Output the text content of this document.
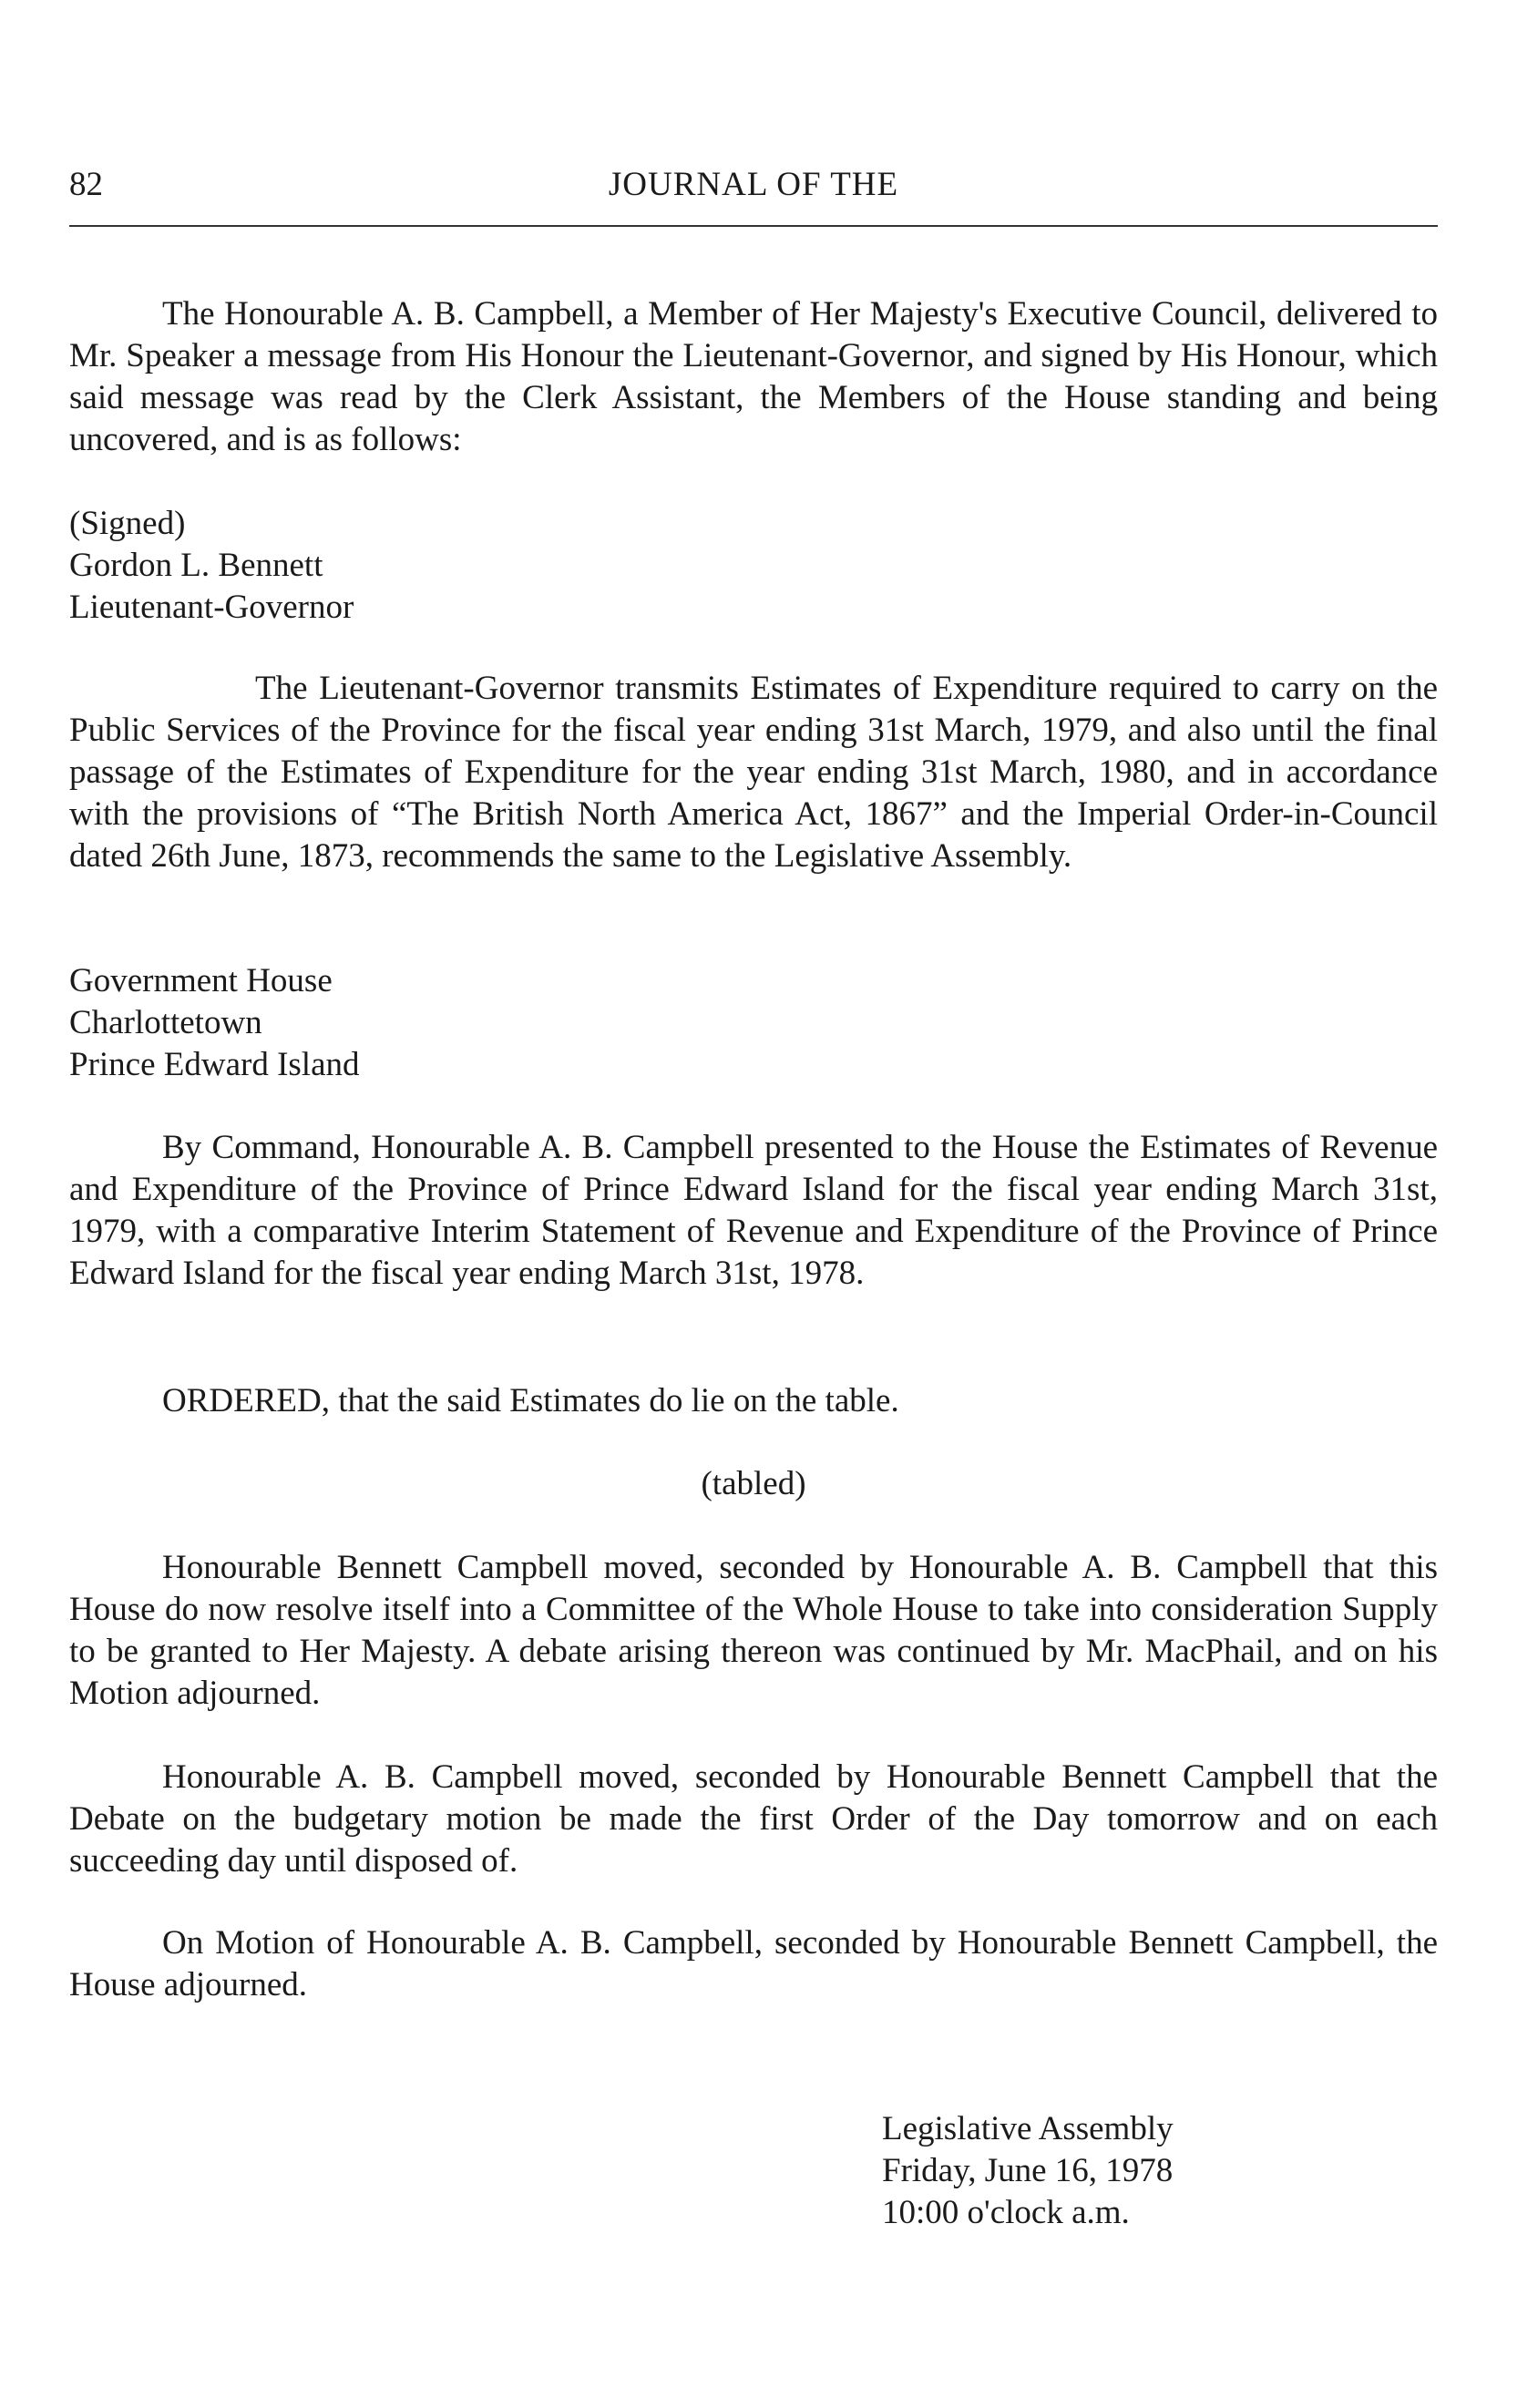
82	JOURNAL OF THE

The Honourable A. B. Campbell, a Member of Her Majesty's Executive Council, delivered to Mr. Speaker a message from His Honour the Lieutenant-Governor, and signed by His Honour, which said message was read by the Clerk Assistant, the Members of the House standing and being uncovered, and is as follows:

(Signed)
Gordon L. Bennett
Lieutenant-Governor

The Lieutenant-Governor transmits Estimates of Expenditure required to carry on the Public Services of the Province for the fiscal year ending 31st March, 1979, and also until the final passage of the Estimates of Expenditure for the year ending 31st March, 1980, and in accordance with the provisions of “The British North America Act, 1867” and the Imperial Order-in-Council dated 26th June, 1873, recommends the same to the Legislative Assembly.

Government House
Charlottetown
Prince Edward Island

By Command, Honourable A. B. Campbell presented to the House the Estimates of Revenue and Expenditure of the Province of Prince Edward Island for the fiscal year ending March 31st, 1979, with a comparative Interim Statement of Revenue and Expenditure of the Province of Prince Edward Island for the fiscal year ending March 31st, 1978.

ORDERED, that the said Estimates do lie on the table.

(tabled)

Honourable Bennett Campbell moved, seconded by Honourable A. B. Campbell that this House do now resolve itself into a Committee of the Whole House to take into consideration Supply to be granted to Her Majesty. A debate arising thereon was continued by Mr. MacPhail, and on his Motion adjourned.

Honourable A. B. Campbell moved, seconded by Honourable Bennett Campbell that the Debate on the budgetary motion be made the first Order of the Day tomorrow and on each succeeding day until disposed of.

On Motion of Honourable A. B. Campbell, seconded by Honourable Bennett Campbell, the House adjourned.

Legislative Assembly
Friday, June 16, 1978
10:00 o'clock a.m.
